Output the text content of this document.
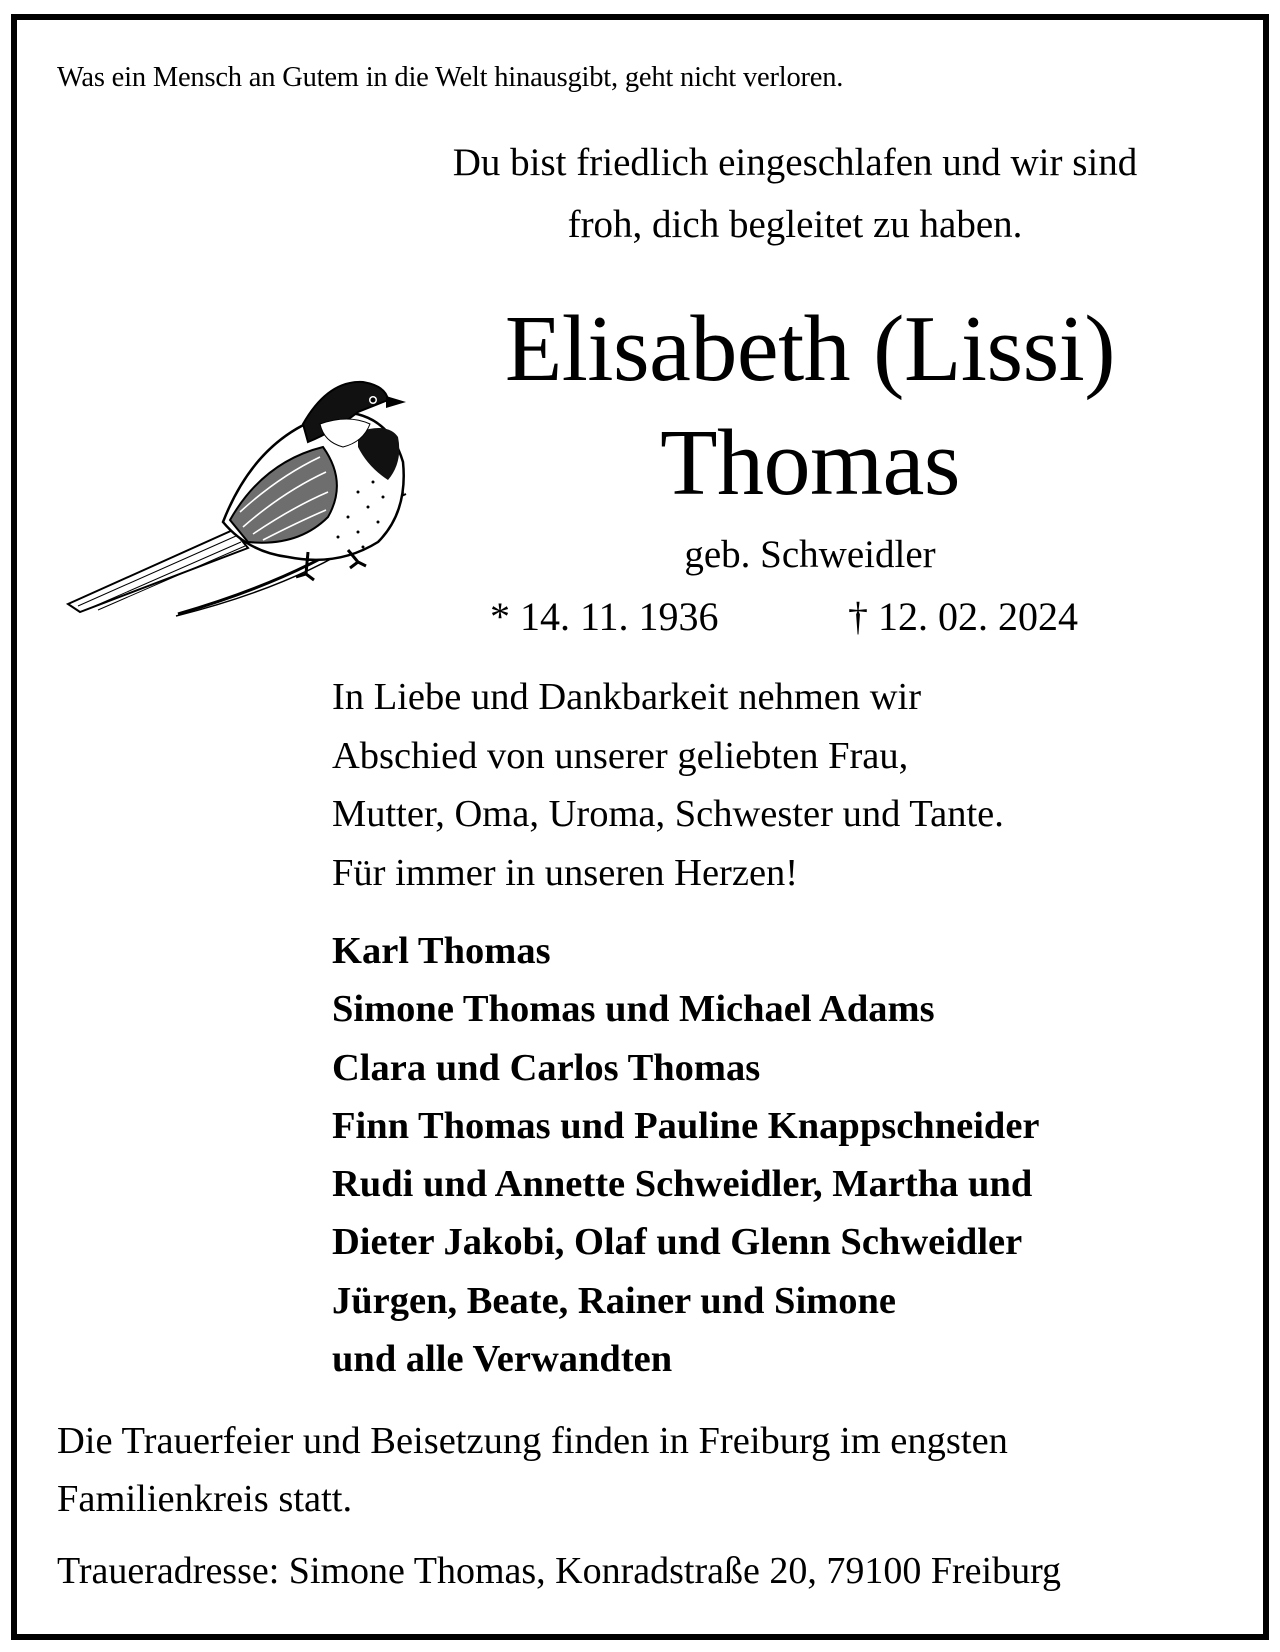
Was ein Mensch an Gutem in die Welt hinausgibt, geht nicht verloren.
Du bist friedlich eingeschlafen und wir sind
froh, dich begleitet zu haben.
Elisabeth (Lissi)
Thomas
geb. Schweidler
* 14. 11. 1936	† 12. 02. 2024
In Liebe und Dankbarkeit nehmen wir
Abschied von unserer geliebten Frau,
Mutter, Oma, Uroma, Schwester und Tante.
Für immer in unseren Herzen!
Karl Thomas
Simone Thomas und Michael Adams
Clara und Carlos Thomas
Finn Thomas und Pauline Knappschneider
Rudi und Annette Schweidler, Martha und
Dieter Jakobi, Olaf und Glenn Schweidler
Jürgen, Beate, Rainer und Simone
und alle Verwandten
Die Trauerfeier und Beisetzung finden in Freiburg im engsten
Familienkreis statt.
Traueradresse: Simone Thomas, Konradstraße 20, 79100 Freiburg
